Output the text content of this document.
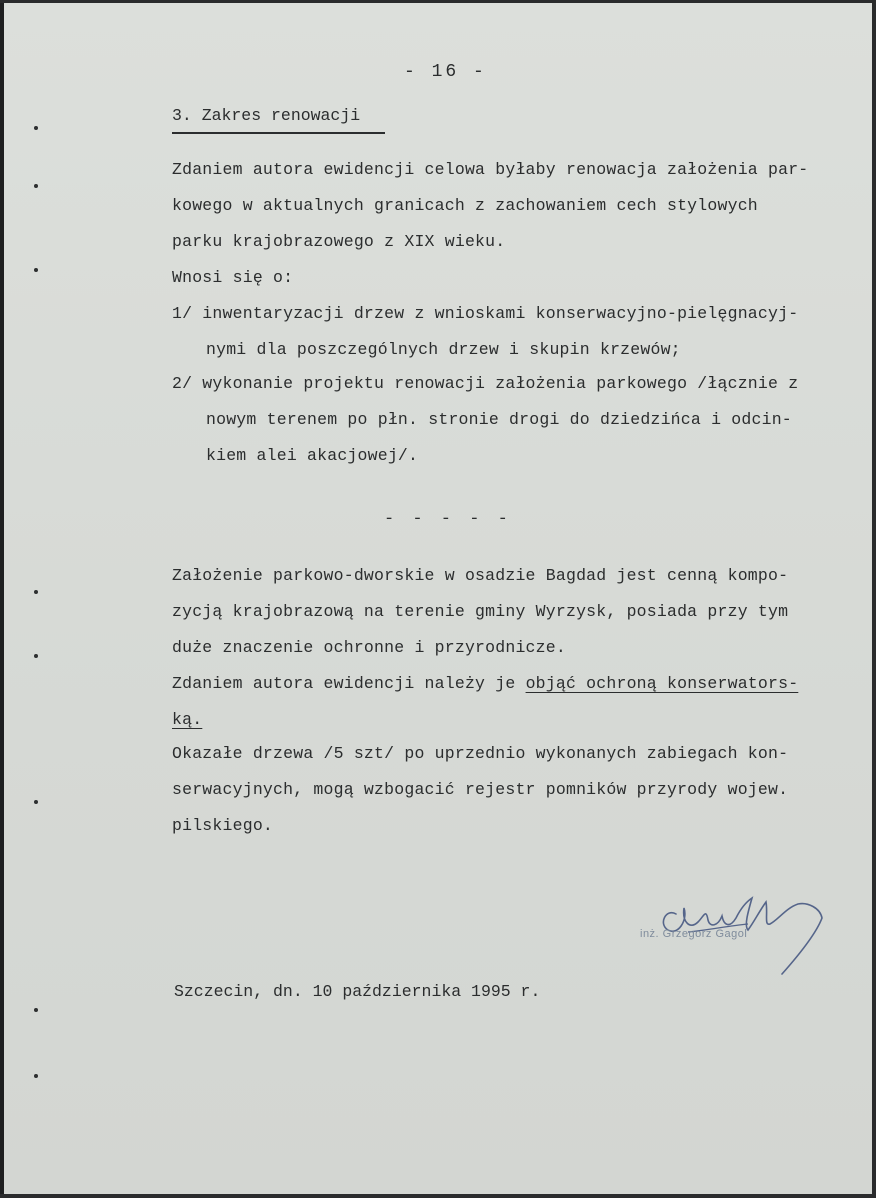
- 16 -
3. Zakres renowacji
Zdaniem autora ewidencji celowa byłaby renowacja założenia par-
kowego w aktualnych granicach z zachowaniem cech stylowych
parku krajobrazowego z XIX wieku.
Wnosi się o:
1/ inwentaryzacji drzew z wnioskami konserwacyjno-pielęgnacyj-
nymi dla poszczególnych drzew i skupin krzewów;
2/ wykonanie projektu renowacji założenia parkowego /łącznie z
nowym terenem po płn. stronie drogi do dziedzińca i odcin-
kiem alei akacjowej/.
- - - - -
Założenie parkowo-dworskie w osadzie Bagdad jest cenną kompo-
zycją krajobrazową na terenie gminy Wyrzysk, posiada przy tym
duże znaczenie ochronne i przyrodnicze.
Zdaniem autora ewidencji należy je objąć ochroną konserwators-
ką.
Okazałe drzewa /5 szt/ po uprzednio wykonanych zabiegach kon-
serwacyjnych, mogą wzbogacić rejestr pomników przyrody wojew.
pilskiego.
inż. Grzegorz Gagol
Szczecin, dn. 10 października 1995 r.
